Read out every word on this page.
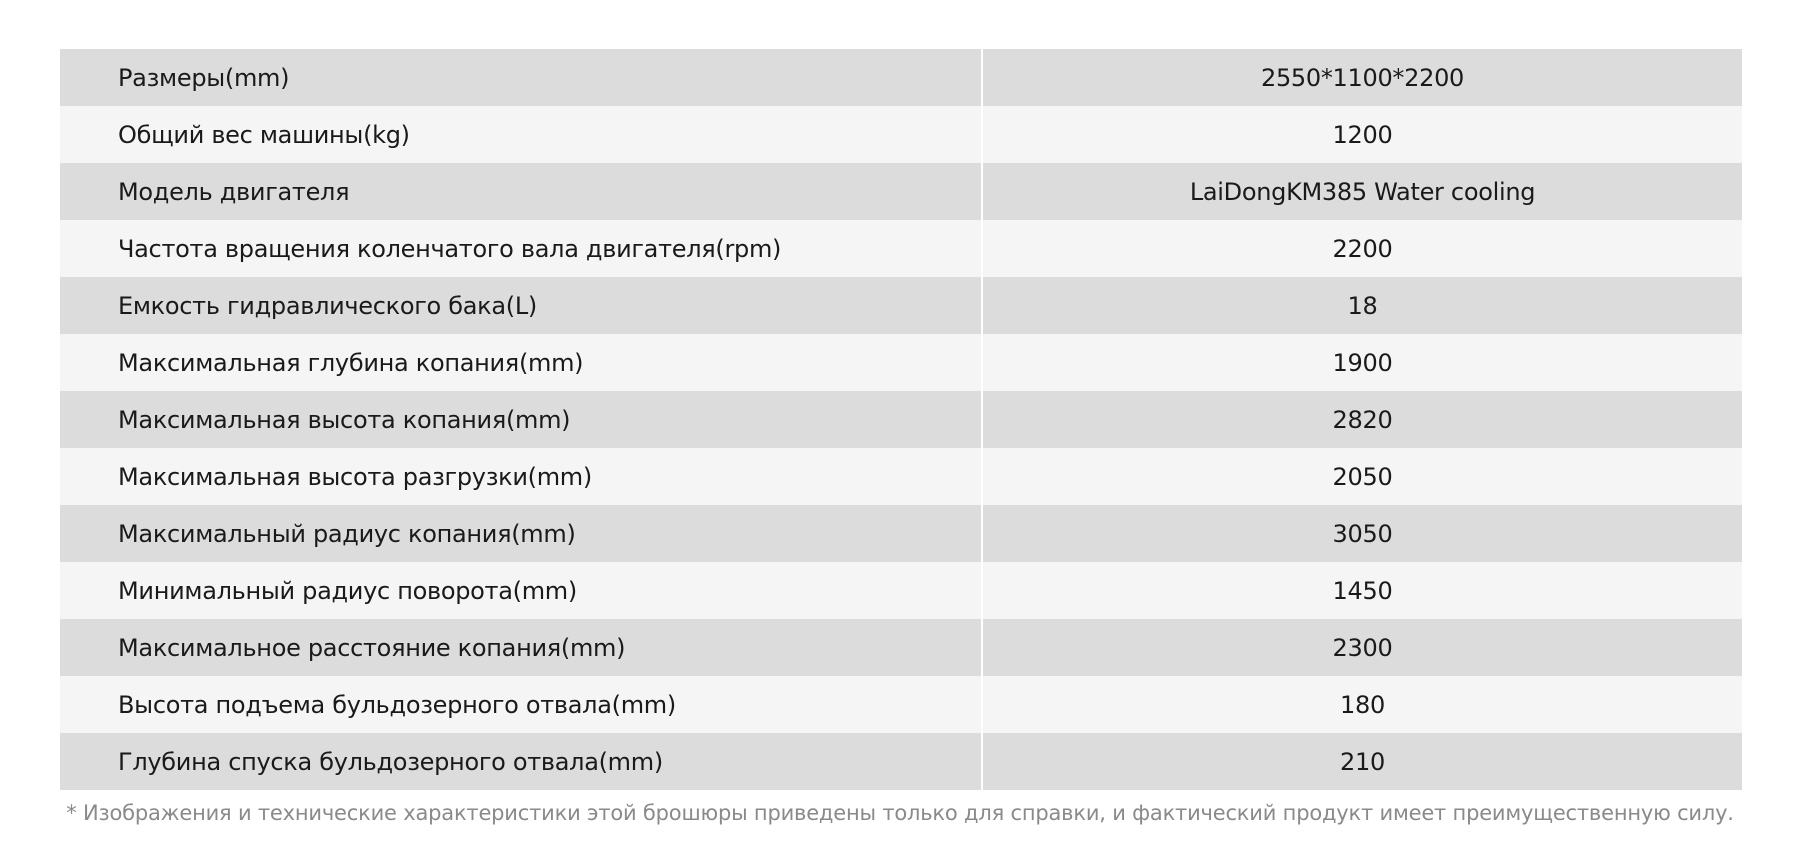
Размеры(mm)	2550*1100*2200
Общий вес машины(kg)	1200
Модель двигателя	LaiDongKM385 Water cooling
Частота вращения коленчатого вала двигателя(rpm)	2200
Емкость гидравлического бака(L)	18
Максимальная глубина копания(mm)	1900
Максимальная высота копания(mm)	2820
Максимальная высота разгрузки(mm)	2050
Максимальный радиус копания(mm)	3050
Минимальный радиус поворота(mm)	1450
Максимальное расстояние копания(mm)	2300
Высота подъема бульдозерного отвала(mm)	180
Глубина спуска бульдозерного отвала(mm)	210
* Изображения и технические характеристики этой брошюры приведены только для справки, и фактический продукт имеет преимущественную силу.
